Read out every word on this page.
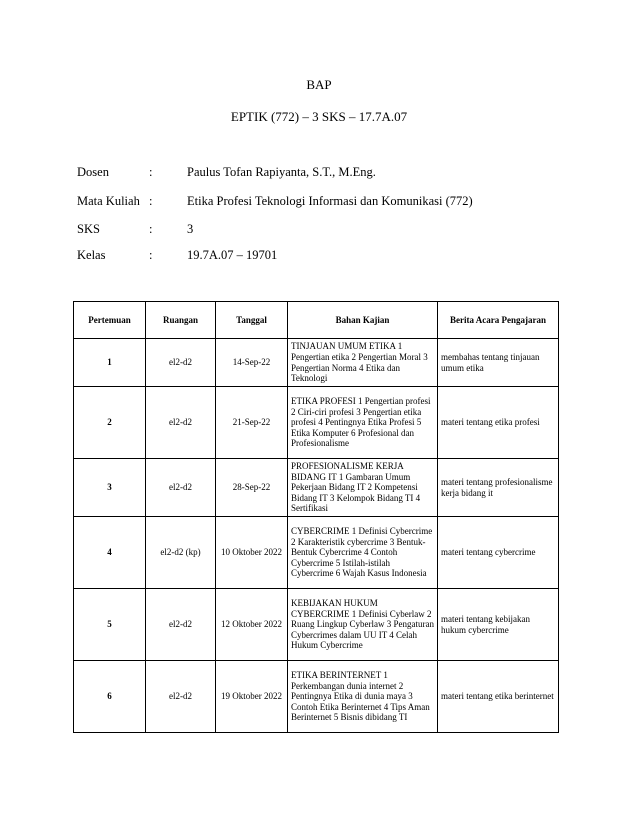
BAP
EPTIK (772) – 3 SKS – 17.7A.07
Dosen	:	Paulus Tofan Rapiyanta, S.T., M.Eng.
Mata Kuliah :	Etika Profesi Teknologi Informasi dan Komunikasi (772)
SKS	:	3
Kelas	:	19.7A.07 – 19701
Pertemuan	Ruangan	Tanggal	Bahan Kajian	Berita Acara Pengajaran
1	el2-d2	14-Sep-22	TINJAUAN UMUM ETIKA 1 Pengertian etika 2 Pengertian Moral 3 Pengertian Norma 4 Etika dan Teknologi	membahas tentang tinjauan umum etika
2	el2-d2	21-Sep-22	ETIKA PROFESI 1 Pengertian profesi 2 Ciri-ciri profesi 3 Pengertian etika profesi 4 Pentingnya Etika Profesi 5 Etika Komputer 6 Profesional dan Profesionalisme	materi tentang etika profesi
3	el2-d2	28-Sep-22	PROFESIONALISME KERJA BIDANG IT 1 Gambaran Umum Pekerjaan Bidang IT 2 Kompetensi Bidang IT 3 Kelompok Bidang TI 4 Sertifikasi	materi tentang profesionalisme kerja bidang it
4	el2-d2 (kp)	10 Oktober 2022	CYBERCRIME 1 Definisi Cybercrime 2 Karakteristik cybercrime 3 Bentuk-Bentuk Cybercrime 4 Contoh Cybercrime 5 Istilah-istilah Cybercrime 6 Wajah Kasus Indonesia	materi tentang cybercrime
5	el2-d2	12 Oktober 2022	KEBIJAKAN HUKUM CYBERCRIME 1 Definisi Cyberlaw 2 Ruang Lingkup Cyberlaw 3 Pengaturan Cybercrimes dalam UU IT 4 Celah Hukum Cybercrime	materi tentang kebijakan hukum cybercrime
6	el2-d2	19 Oktober 2022	ETIKA BERINTERNET 1 Perkembangan dunia internet 2 Pentingnya Etika di dunia maya 3 Contoh Etika Berinternet 4 Tips Aman Berinternet 5 Bisnis dibidang TI	materi tentang etika berinternet
